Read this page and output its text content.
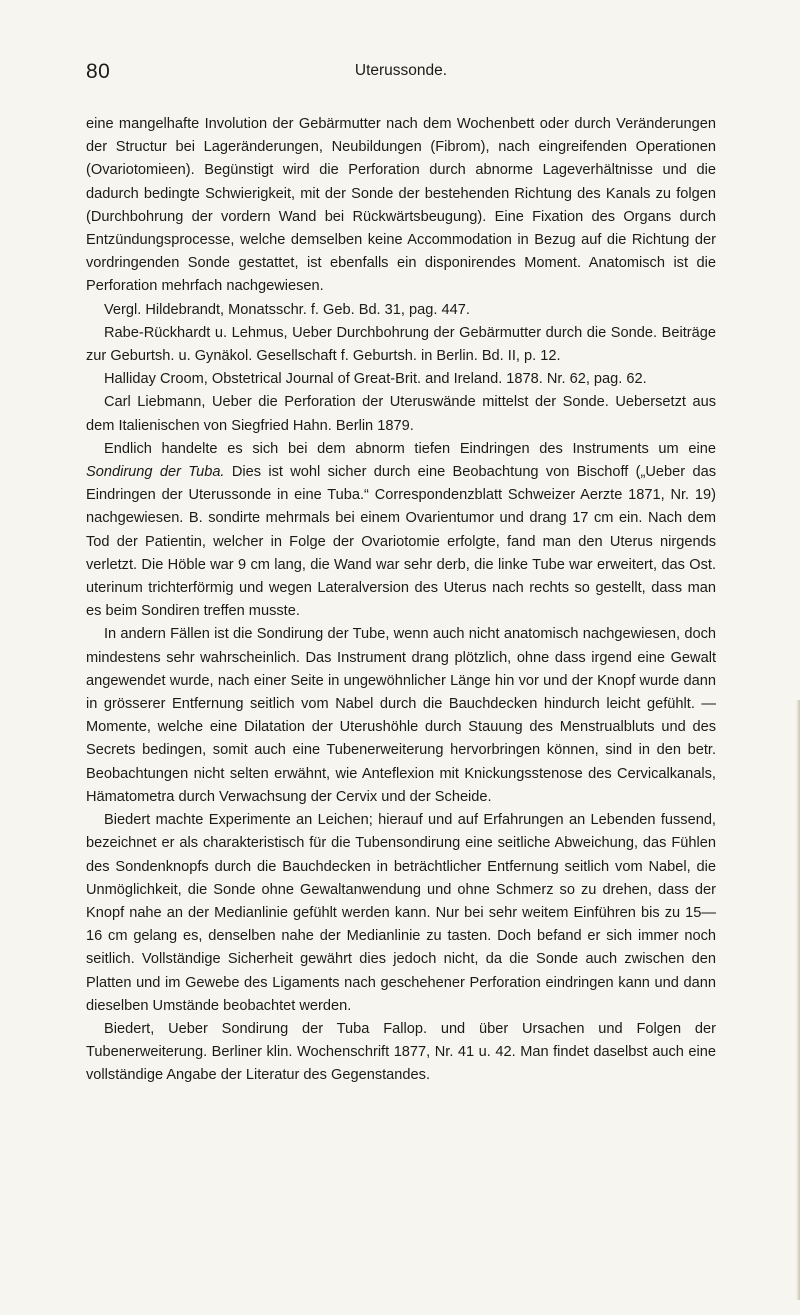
80	Uterussonde.

eine mangelhafte Involution der Gebärmutter nach dem Wochenbett oder durch Veränderungen der Structur bei Lageränderungen, Neubildungen (Fibrom), nach eingreifenden Operationen (Ovariotomieen). Begünstigt wird die Perforation durch abnorme Lageverhältnisse und die dadurch bedingte Schwierigkeit, mit der Sonde der bestehenden Richtung des Kanals zu folgen (Durchbohrung der vordern Wand bei Rückwärtsbeugung). Eine Fixation des Organs durch Entzündungsprocesse, welche demselben keine Accommodation in Bezug auf die Richtung der vordringenden Sonde gestattet, ist ebenfalls ein disponirendes Moment. Anatomisch ist die Perforation mehrfach nachgewiesen.

Vergl. Hildebrandt, Monatsschr. f. Geb. Bd. 31, pag. 447.

Rabe-Rückhardt u. Lehmus, Ueber Durchbohrung der Gebärmutter durch die Sonde. Beiträge zur Geburtsh. u. Gynäkol. Gesellschaft f. Geburtsh. in Berlin. Bd. II, p. 12.

Halliday Croom, Obstetrical Journal of Great-Brit. and Ireland. 1878. Nr. 62, pag. 62.

Carl Liebmann, Ueber die Perforation der Uteruswände mittelst der Sonde. Uebersetzt aus dem Italienischen von Siegfried Hahn. Berlin 1879.

Endlich handelte es sich bei dem abnorm tiefen Eindringen des Instruments um eine Sondirung der Tuba. Dies ist wohl sicher durch eine Beobachtung von Bischoff („Ueber das Eindringen der Uterussonde in eine Tuba.“ Correspondenzblatt Schweizer Aerzte 1871, Nr. 19) nachgewiesen. B. sondirte mehrmals bei einem Ovarientumor und drang 17 cm ein. Nach dem Tod der Patientin, welcher in Folge der Ovariotomie erfolgte, fand man den Uterus nirgends verletzt. Die Höble war 9 cm lang, die Wand war sehr derb, die linke Tube war erweitert, das Ost. uterinum trichterförmig und wegen Lateralversion des Uterus nach rechts so gestellt, dass man es beim Sondiren treffen musste.

In andern Fällen ist die Sondirung der Tube, wenn auch nicht anatomisch nachgewiesen, doch mindestens sehr wahrscheinlich. Das Instrument drang plötzlich, ohne dass irgend eine Gewalt angewendet wurde, nach einer Seite in ungewöhnlicher Länge hin vor und der Knopf wurde dann in grösserer Entfernung seitlich vom Nabel durch die Bauchdecken hindurch leicht gefühlt. — Momente, welche eine Dilatation der Uterushöhle durch Stauung des Menstrualbluts und des Secrets bedingen, somit auch eine Tubenerweiterung hervorbringen können, sind in den betr. Beobachtungen nicht selten erwähnt, wie Anteflexion mit Knickungsstenose des Cervicalkanals, Hämatometra durch Verwachsung der Cervix und der Scheide.

Biedert machte Experimente an Leichen; hierauf und auf Erfahrungen an Lebenden fussend, bezeichnet er als charakteristisch für die Tubensondirung eine seitliche Abweichung, das Fühlen des Sondenknopfs durch die Bauchdecken in beträchtlicher Entfernung seitlich vom Nabel, die Unmöglichkeit, die Sonde ohne Gewaltanwendung und ohne Schmerz so zu drehen, dass der Knopf nahe an der Medianlinie gefühlt werden kann. Nur bei sehr weitem Einführen bis zu 15—16 cm gelang es, denselben nahe der Medianlinie zu tasten. Doch befand er sich immer noch seitlich. Vollständige Sicherheit gewährt dies jedoch nicht, da die Sonde auch zwischen den Platten und im Gewebe des Ligaments nach geschehener Perforation eindringen kann und dann dieselben Umstände beobachtet werden.

Biedert, Ueber Sondirung der Tuba Fallop. und über Ursachen und Folgen der Tubenerweiterung. Berliner klin. Wochenschrift 1877, Nr. 41 u. 42. Man findet daselbst auch eine vollständige Angabe der Literatur des Gegenstandes.
